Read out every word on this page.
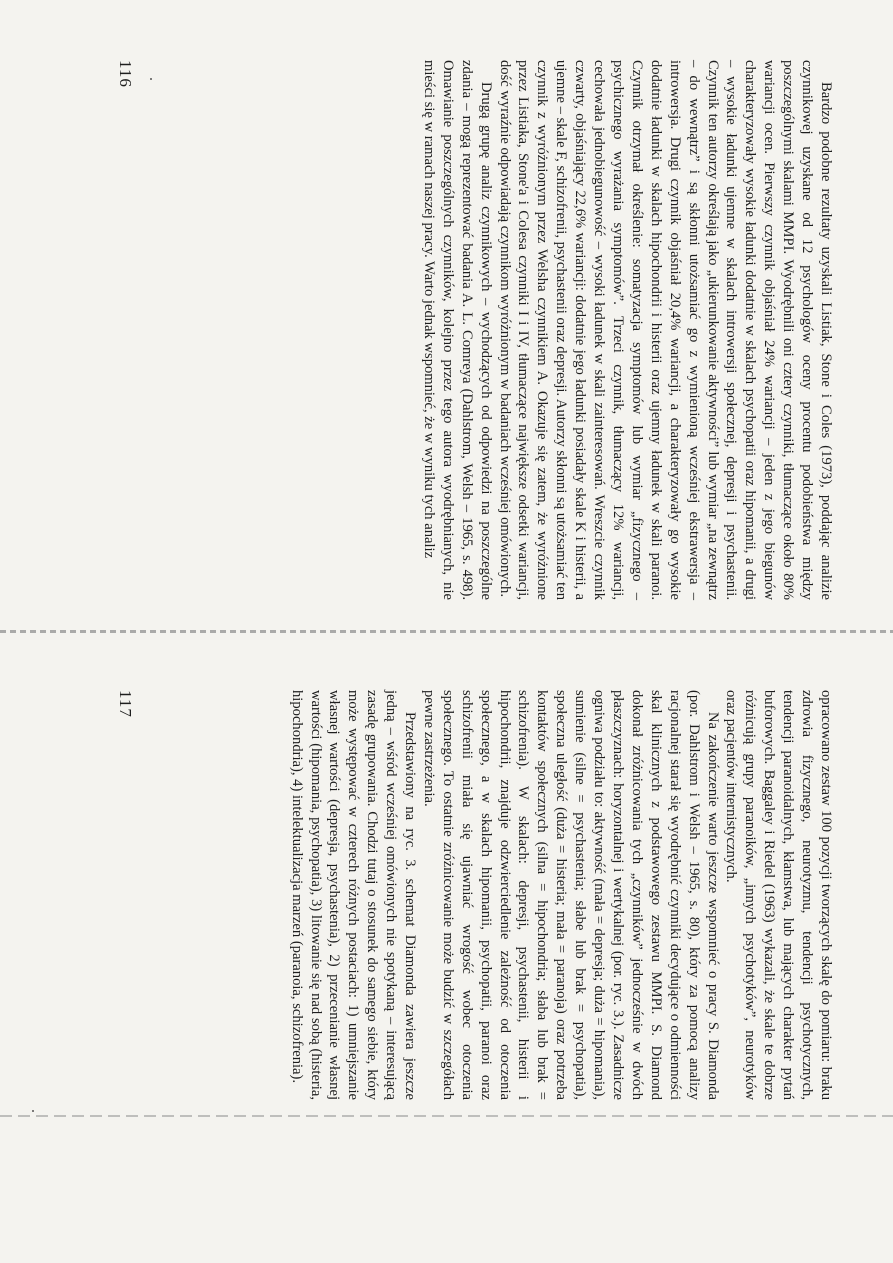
Bardzo podobne rezultaty uzyskali Listiak, Stone i Coles (1973), poddając analizie czynnikowej uzyskane od 12 psychologów oceny procentu podobieństwa między poszczególnymi skalami MMPI. Wyodrębnili oni cztery czynniki, tłumaczące około 80% wariancji ocen. Pierwszy czynnik objaśniał 24% wariancji – jeden z jego biegunów charakteryzowały wysokie ładunki dodatnie w skalach psychopatii oraz hipomanii, a drugi – wysokie ładunki ujemne w skalach introwersji społecznej, depresji i psychastenii. Czynnik ten autorzy określają jako „ukierunkowanie aktywności” lub wymiar „na zewnątrz – do wewnątrz” i są skłonni utożsamiać go z wymienioną wcześniej ekstrawersja – introwersja. Drugi czynnik objaśniał 20,4% wariancji, a charakteryzowały go wysokie dodatnie ładunki w skalach hipochondrii i histerii oraz ujemny ładunek w skali paranoi. Czynnik otrzymał określenie: somatyzacja symptomów lub wymiar „fizycznego – psychicznego wyrażania symptomów”. Trzeci czynnik, tłumaczący 12% wariancji, cechowała jednobiegunowość – wysoki ładunek w skali zainteresowań. Wreszcie czynnik czwarty, objaśniający 22,6% wariancji: dodatnie jego ładunki posiadały skale K i histerii, a ujemne – skale F, schizofrenii, psychastenii oraz depresji. Autorzy skłonni są utożsamiać ten czynnik z wyróżnionym przez Welsha czynnikiem A. Okazuje się zatem, że wyróżnione przez Listiaka, Stone'a i Colesa czynniki I i IV, tłumaczące największe odsetki wariancji, dość wyraźnie odpowiadają czynnikom wyróżnionym w badaniach wcześniej omówionych.

Drugą grupę analiz czynnikowych – wychodzących od odpowiedzi na poszczególne zdania – mogą reprezentować badania A. L. Comreya (Dahlstrom, Welsh – 1965, s. 498). Omawianie poszczególnych czynników, kolejno przez tego autora wyodrębnianych, nie mieści się w ramach naszej pracy. Warto jednak wspomnieć, że w wyniku tych analiz

116

opracowano zestaw 100 pozycji tworzących skalę do pomiaru: braku zdrowia fizycznego, neurotyzmu, tendencji psychotycznych, tendencji paranoidalnych, kłamstwa, lub mających charakter pytań buforowych. Baggaley i Riedel (1963) wykazali, że skale te dobrze różnicują grupy paranoików, „innych psychotyków”, neurotyków oraz pacjentów internistycznych.

Na zakończenie warto jeszcze wspomnieć o pracy S. Diamonda (por. Dahlstrom i Welsh – 1965, s. 80), który za pomocą analizy racjonalnej starał się wyodrębnić czynniki decydujące o odmienności skal klinicznych z podstawowego zestawu MMPI. S. Diamond dokonał zróżnicowania tych „czynników” jednocześnie w dwóch płaszczyznach: horyzontalnej i wertykalnej (por. ryc. 3.). Zasadnicze ogniwa podziału to: aktywność (mała = depresja; duża = hipomania), sumienie (silne = psychastenia; słabe lub brak = psychopatia), społeczna uległość (duża = histeria; mała = paranoja) oraz potrzeba kontaktów społecznych (silna = hipochondria; słaba lub brak = schizofrenia). W skalach: depresji, psychastenii, histerii i hipochondrii, znajduje odzwierciedlenie zależność od otoczenia społecznego, a w skalach hipomanii, psychopatii, paranoi oraz schizofrenii miała się ujawniać wrogość wobec otoczenia społecznego. To ostatnie zróżnicowanie może budzić w szczegółach pewne zastrzeżenia.

Przedstawiony na ryc. 3. schemat Diamonda zawiera jeszcze jedną – wśród wcześniej omówionych nie spotykaną – interesującą zasadę grupowania. Chodzi tutaj o stosunek do samego siebie, który może występować w czterech różnych postaciach: 1) umniejszanie własnej wartości (depresja, psychastenia), 2) przecenianie własnej wartości (hipomania, psychopatia), 3) litowanie się nad sobą (histeria, hipochondria), 4) intelektualizacja marzeń (paranoia, schizofrenia).

117
